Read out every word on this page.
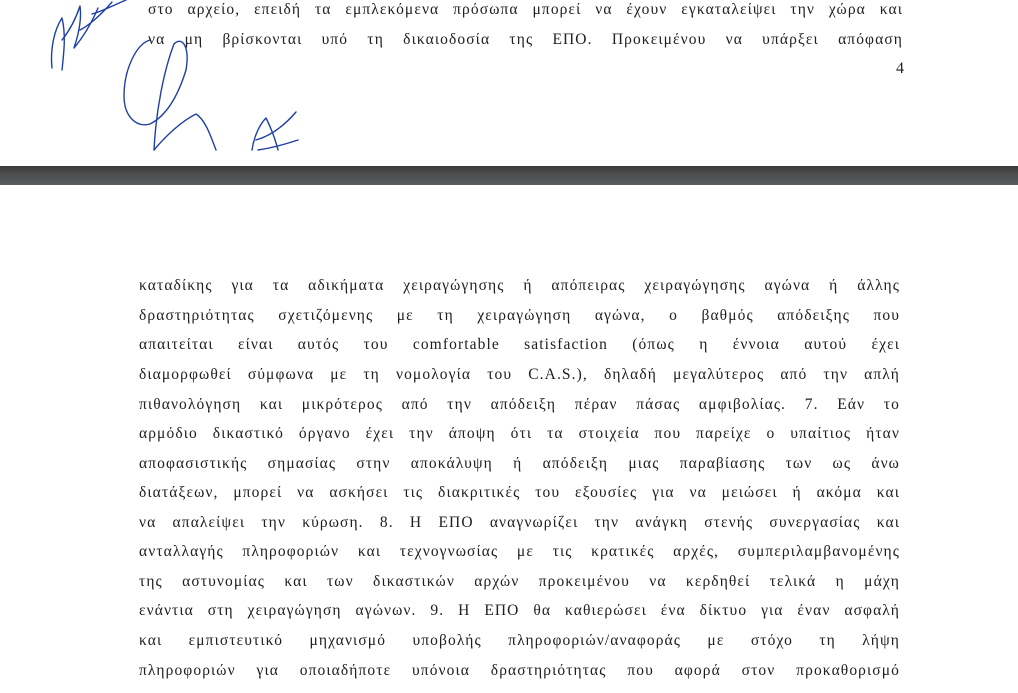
στο αρχείο, επειδή τα εμπλεκόμενα πρόσωπα μπορεί να έχουν εγκαταλείψει την χώρα και

να μη βρίσκονται υπό τη δικαιοδοσία της ΕΠΟ. Προκειμένου να υπάρξει απόφαση

4

καταδίκης για τα αδικήματα χειραγώγησης ή απόπειρας χειραγώγησης αγώνα ή άλλης

δραστηριότητας σχετιζόμενης με τη χειραγώγηση αγώνα, ο βαθμός απόδειξης που

απαιτείται είναι αυτός του comfortable satisfaction (όπως η έννοια αυτού έχει

διαμορφωθεί σύμφωνα με τη νομολογία του C.A.S.), δηλαδή μεγαλύτερος από την απλή

πιθανολόγηση και μικρότερος από την απόδειξη πέραν πάσας αμφιβολίας. 7. Εάν το

αρμόδιο δικαστικό όργανο έχει την άποψη ότι τα στοιχεία που παρείχε ο υπαίτιος ήταν

αποφασιστικής σημασίας στην αποκάλυψη ή απόδειξη μιας παραβίασης των ως άνω

διατάξεων, μπορεί να ασκήσει τις διακριτικές του εξουσίες για να μειώσει ή ακόμα και

να απαλείψει την κύρωση. 8. Η ΕΠΟ αναγνωρίζει την ανάγκη στενής συνεργασίας και

ανταλλαγής πληροφοριών και τεχνογνωσίας με τις κρατικές αρχές, συμπεριλαμβανομένης

της αστυνομίας και των δικαστικών αρχών προκειμένου να κερδηθεί τελικά η μάχη

ενάντια στη χειραγώγηση αγώνων. 9. Η ΕΠΟ θα καθιερώσει ένα δίκτυο για έναν ασφαλή

και εμπιστευτικό μηχανισμό υποβολής πληροφοριών/αναφοράς με στόχο τη λήψη

πληροφοριών για οποιαδήποτε υπόνοια δραστηριότητας που αφορά στον προκαθορισμό
